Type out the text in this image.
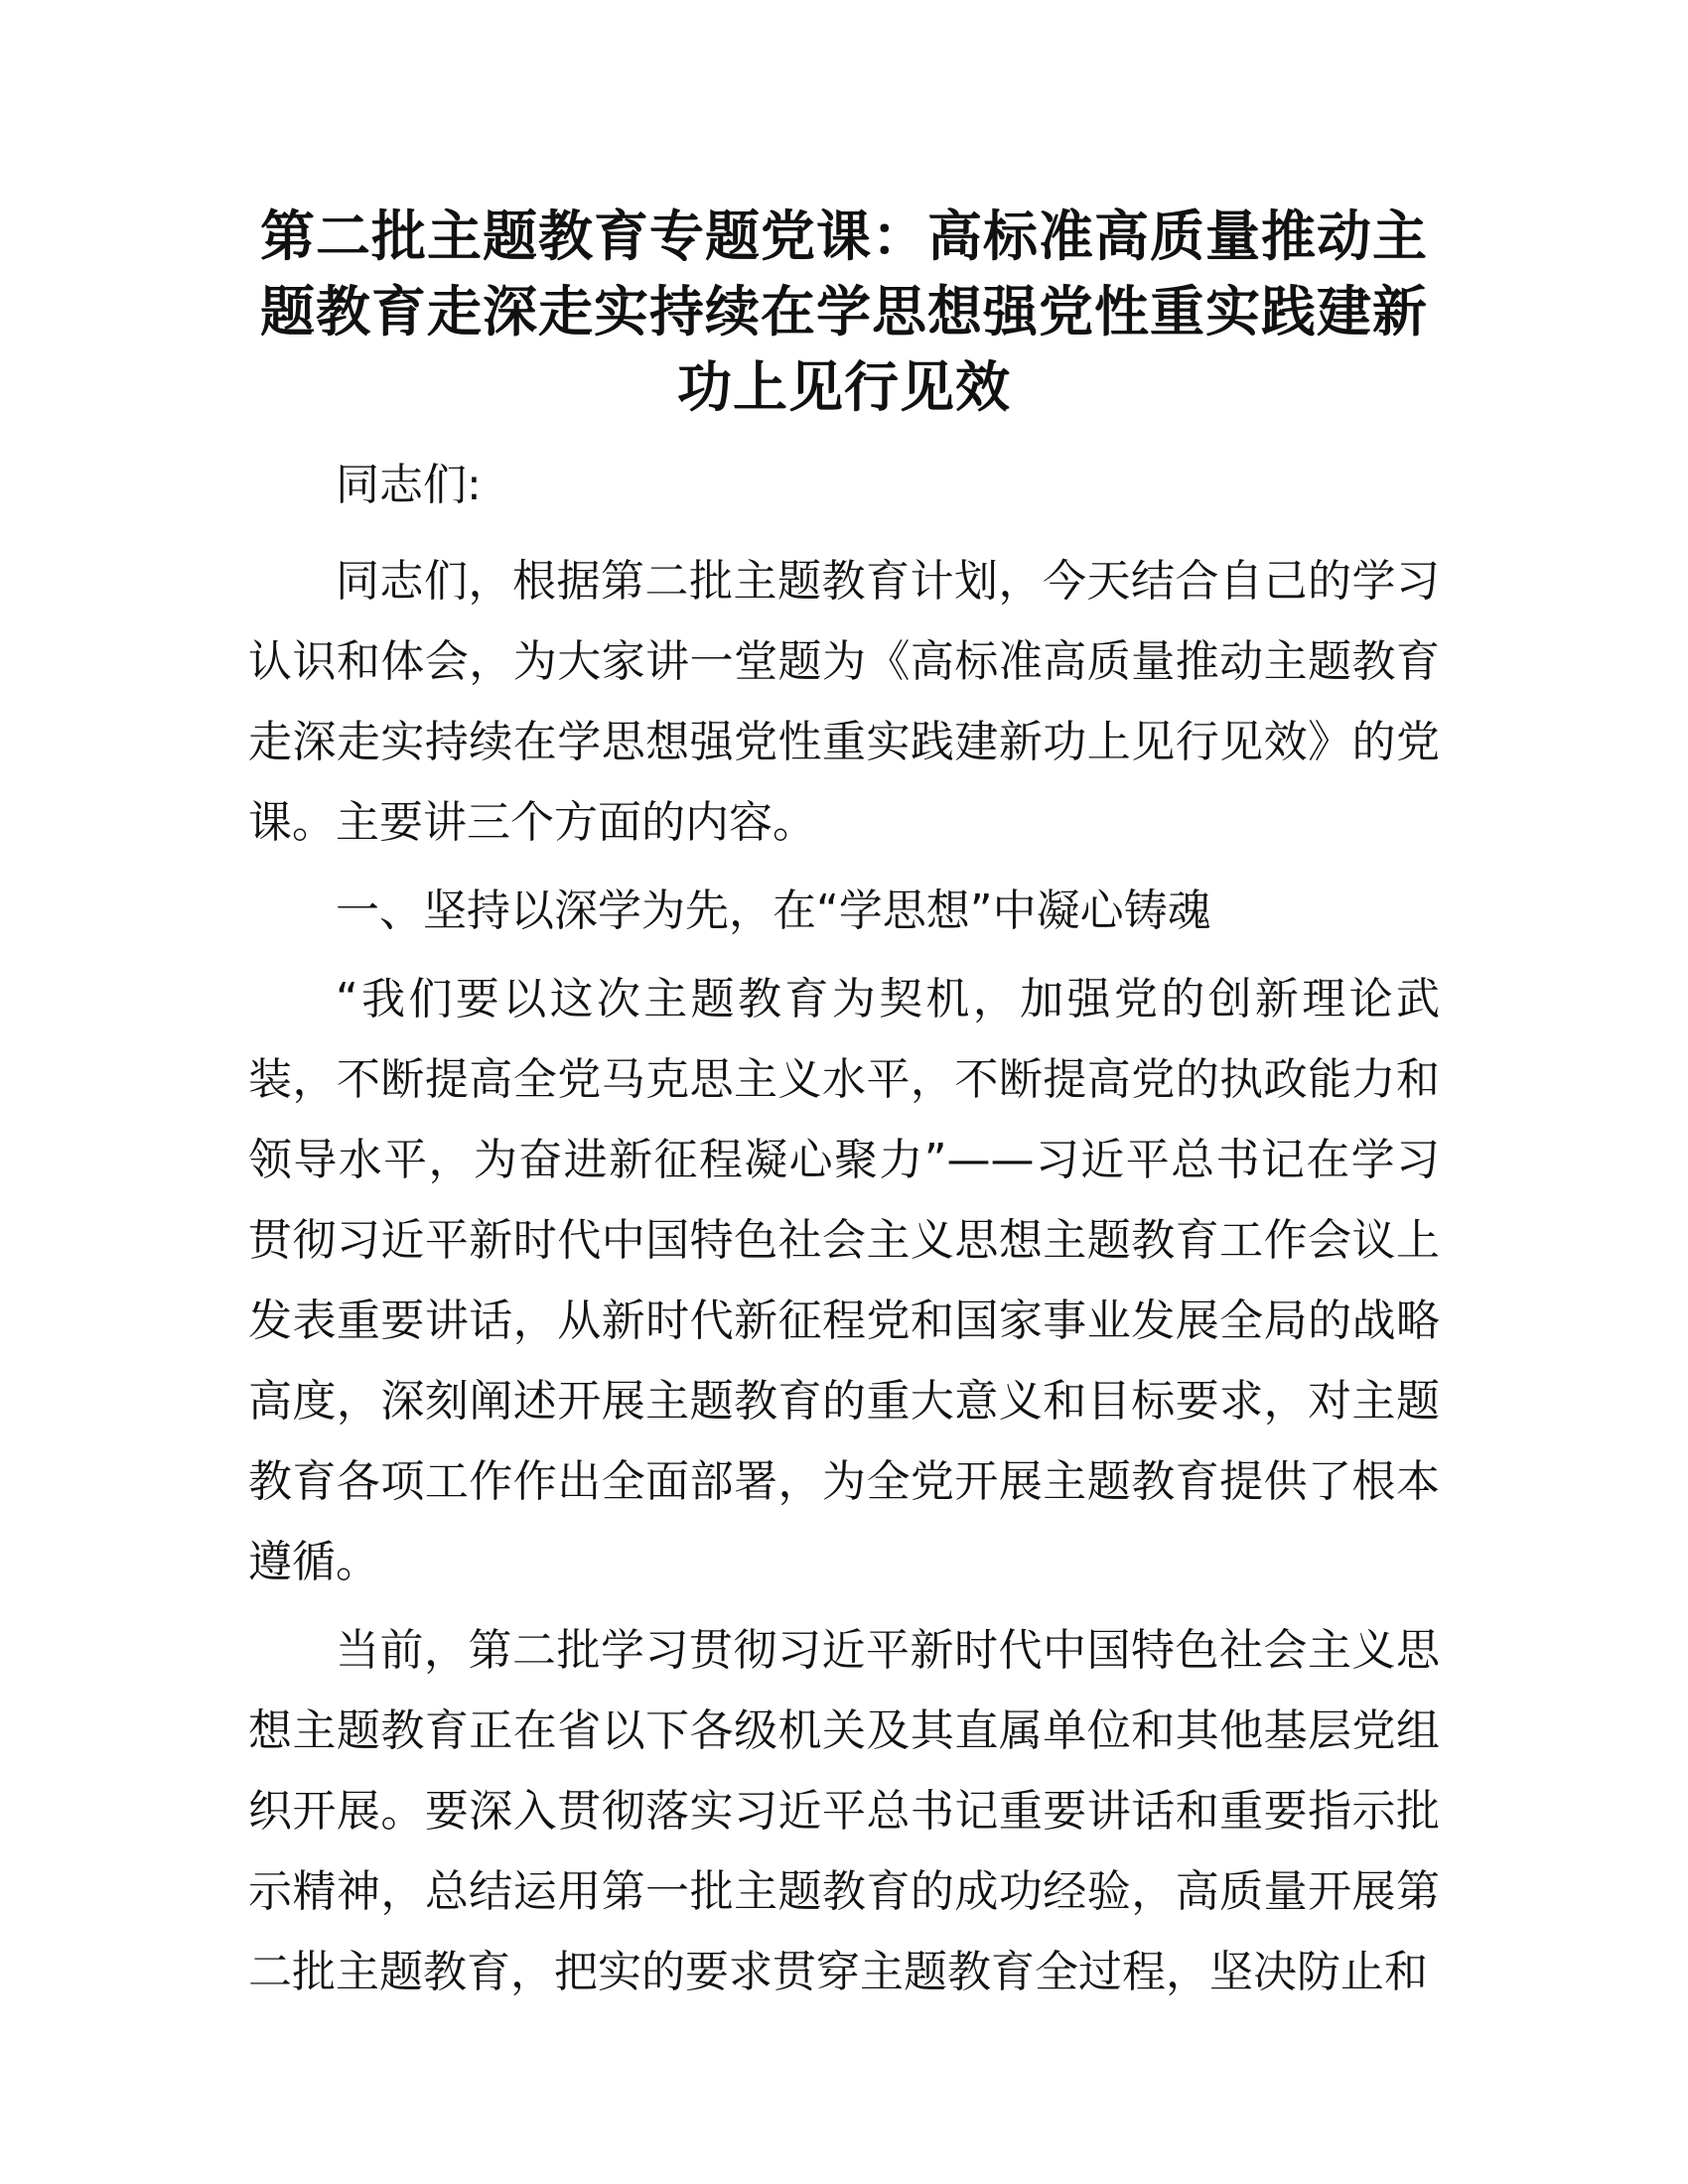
第二批主题教育专题党课：高标准高质量推动主题教育走深走实持续在学思想强党性重实践建新功上见行见效

同志们:

同志们，根据第二批主题教育计划，今天结合自己的学习认识和体会，为大家讲一堂题为《高标准高质量推动主题教育走深走实持续在学思想强党性重实践建新功上见行见效》的党课。主要讲三个方面的内容。

一、坚持以深学为先，在“学思想”中凝心铸魂

“我们要以这次主题教育为契机，加强党的创新理论武装，不断提高全党马克思主义水平，不断提高党的执政能力和领导水平，为奋进新征程凝心聚力”——习近平总书记在学习贯彻习近平新时代中国特色社会主义思想主题教育工作会议上发表重要讲话，从新时代新征程党和国家事业发展全局的战略高度，深刻阐述开展主题教育的重大意义和目标要求，对主题教育各项工作作出全面部署，为全党开展主题教育提供了根本遵循。

当前，第二批学习贯彻习近平新时代中国特色社会主义思想主题教育正在省以下各级机关及其直属单位和其他基层党组织开展。要深入贯彻落实习近平总书记重要讲话和重要指示批示精神，总结运用第一批主题教育的成功经验，高质量开展第二批主题教育，把实的要求贯穿主题教育全过程，坚决防止和
